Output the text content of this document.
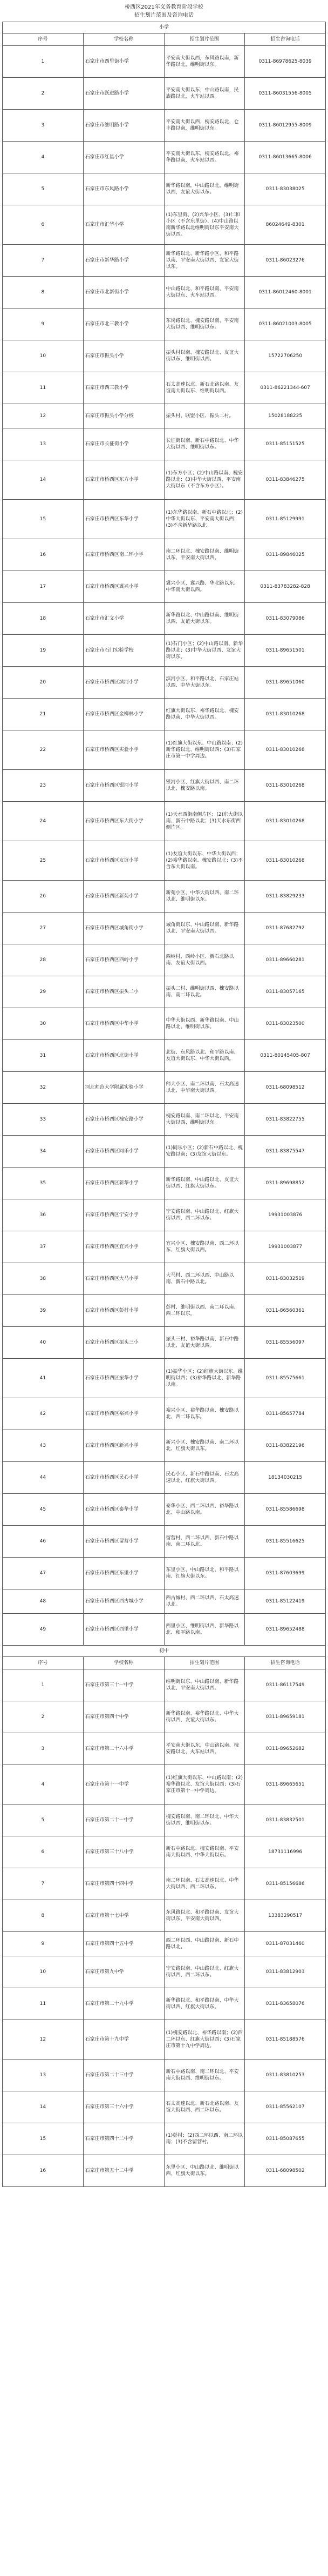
桥西区2021年义务教育阶段学校
招生划片范围及咨询电话
小学			
序号	学校名称	招生划片范围	招生咨询电话
1	石家庄市西里街小学	平安南大街以西，东风路以南，新华路以北，维明街以东。	0311-86978625-8039
2	石家庄市跃进路小学	平安南大街以东，中山路以南，民族路以北，火车站以西。	0311-86031556-8005
3	石家庄市维明路小学	平安南大街以西，槐安路以北，仓丰路以南，维明街以东。	0311-86012955-8009
4	石家庄市红星小学	平安南大街以东，槐安路以北，裕华路以南，火车站以西。	0311-86013665-8006
5	石家庄市东风路小学	新华路以南，中山路以北，维明街以西，友谊大街以东。	0311-83038025
6	石家庄市汇华小学	(1)东里街、(2)兴华小区、(3)仁和小区（不含东里街）、(4)中山路以南新华路以北维明街以东平安南大街以西。	86024649-8301
7	石家庄市新华路小学	新华路以北、新华路小区、和平路以南、平安南大街以西、友谊大街以东。	0311-86023276
8	石家庄市北新街小学	中山路以北、和平路以南、平安南大街以东、火车站以西。	0311-86012460-8001
9	石家庄市北三教小学	东岗路以北、槐安路以南、平安南大街以西、维明街以东。	0311-86021003-8005
10	石家庄市振头小学	振头村以南、槐安路以北、友谊大街以东、维明街以西。	15722706250
11	石家庄市西三教小学	石太高速以北、新石北路以南、友谊南大街以东、维明街以西。	0311-86221344-607
12	石家庄市振头小学分校	振头村、联盟小区、振头二村。	15028188225
13	石家庄市长征街小学	长征街以南、新石中路以北、中华大街以西、维明街以东。	0311-85151525
14	石家庄市桥西区东方小学	(1)东方小区；(2)中山路以南、槐安路以北；(3)中华大街以西、平安南大街以东（不含东方小区）。	0311-83846275
15	石家庄市桥西区东华小学	(1)东华路以南、新石中路以北；(2)中华大街以东、平安南大街以西；(3)不含新华路以北。	0311-85129991
16	石家庄市桥西区南二环小学	南二环以北、槐安路以南、维明街以东、平安南大街以西。	0311-89846025
17	石家庄市桥西区冀兴小学	冀兴小区、冀兴路、华北路以东、中华南大街以西。	0311-83783282-828
18	石家庄市汇文小学	新华路以北、中山路以南、维明街以西、友谊大街以东。	0311-83079086
19	石家庄市石门实验学校	(1)石门小区；(2)中山路以南、新华路以北；(3)中华大街以西、友谊大街以东。	0311-89651501
20	石家庄市桥西区滨河小学	滨河小区、和平路以北、石家庄站以西、中华大街以东。	0311-89651060
21	石家庄市桥西区金柳林小学	红旗大街以东、裕华路以北、槐安路以南、中华大街以西。	0311-83010268
22	石家庄市桥西区实验小学	(1)红旗大街以东、中山路以南；(2)新华路以北、维明街以西；(3)石家庄市第一中学周边。	0311-83010268
23	石家庄市桥西区银河小学	银河小区、红旗大街以西、南二环以北、槐安路以南。	0311-83010268
24	石家庄市桥西区东大街小学	(1)天水西街南侧片区；(2)东大街以南、新石中路以北；(3)天水东街西侧片区。	0311-83010268
25	石家庄市桥西区友谊小学	(1)友谊大街以东、中华大街以西；(2)裕华路以南、槐安路以北；(3)不含东大街以南。	0311-83010268
26	石家庄市桥西区新苑小学	新苑小区、中华大街以西、南二环以北、维明街以东。	0311-83829233
27	石家庄市桥西区城角街小学	城角街以东、中山路以南、新华路以北、平安南大街以西。	0311-87682792
28	石家庄市桥西区西岭小学	西岭村、西岭小区、新石北路以南、友谊大街以西。	0311-89660281
29	石家庄市桥西区振头二小	振头二村、维明街以西、槐安路以南、南二环以北。	0311-83057165
30	石家庄市桥西区中华小学	中华大街以西、新华路以南、中山路以北、维明街以东。	0311-83023500
31	石家庄市桥西区北街小学	北街、东风路以北、和平路以南、友谊大街以东、中华大街以西。	0311-80145405-807
32	河北师范大学附属实验小学	师大小区、南二环以南、石太高速以北、中华南大街以西。	0311-68098512
33	石家庄市桥西区槐安路小学	槐安路以南、南二环以北、平安南大街以西、维明街以东。	0311-83822755
34	石家庄市桥西区同乐小学	(1)同乐小区；(2)新石中路以北、槐安路以南；(3)友谊大街以东。	0311-83875547
35	石家庄市桥西区新华小学	新华路以南、中山路以北、友谊大街以西、红旗大街以东。	0311-89698852
36	石家庄市桥西区宁安小学	宁安路以南、中山路以北、红旗大街以西、西二环以东。	19931003876
37	石家庄市桥西区宜兴小学	宜兴小区、槐安路以南、西二环以东、红旗大街以西。	19931003877
38	石家庄市桥西区大马小学	大马村、西二环以西、中山路以南、新石中路以北。	0311-83032519
39	石家庄市桥西区彭村小学	彭村、维明街以西、南二环以南、西二环以东。	0311-86560361
40	石家庄市桥西区振头三小	振头三村、裕华路以南、新石中路以北、友谊大街以西。	0311-85556097
41	石家庄市桥西区振华小学	(1)振华小区；(2)红旗大街以东、维明街以西；(3)裕华路以北、新华路以南。	0311-85575661
42	石家庄市桥西区裕兴小学	裕兴小区、裕华路以南、槐安路以北、西二环以东。	0311-85657784
43	石家庄市桥西区新兴小学	新兴小区、槐安路以南、南二环以北、红旗大街以东。	0311-83822196
44	石家庄市桥西区民心小学	民心小区、新石中路以南、石太高速以北、红旗大街以西。	18134030215
45	石家庄市桥西区泰华小学	泰华小区、西二环以西、裕华路以北、中山路以南。	0311-85586698
46	石家庄市桥西区留营小学	留营村、西二环以西、新石中路以南、南二环以北。	0311-85516625
47	石家庄市桥西区东里小学	东里小区、中山路以北、和平路以南、红旗大街以东。	0311-87603699
48	石家庄市桥西区西古城小学	西古城村、西二环以西、石太高速以北。	0311-85122419
49	石家庄市桥西区西里小学	西里小区、维明街以西、新华路以北、和平路以南。	0311-89652488
初中			
序号	学校名称	招生划片范围	招生咨询电话
1	石家庄市第三十一中学	维明街以东、中山路以南、新华路以北、平安南大街以西。	0311-86117549
2	石家庄市第四十中学	新华路以南、裕华路以北、中华大街以西、友谊大街以东。	0311-89659181
3	石家庄市第二十六中学	平安南大街以东、中山路以南、槐安路以北、火车站以西。	0311-89652682
4	石家庄市第十一中学	(1)红旗大街以东、中山路以南；(2)裕华路以北、友谊大街以西；(3)石家庄市第十一中学周边。	0311-89665651
5	石家庄市第二十一中学	槐安路以南、南二环以北、中华大街以西、维明街以东。	0311-83832501
6	石家庄市第三十八中学	新石中路以北、槐安路以南、平安南大街以西、中华大街以东。	18731116996
7	石家庄市第四十四中学	南二环以南、石太高速以北、中华大街以西、西二环以东。	0311-85156686
8	石家庄市第十七中学	东风路以北、和平路以南、友谊大街以东、平安南大街以西。	13383290517
9	石家庄市第四十五中学	西二环以西、中山路以南、新石中路以北。	0311-87031460
10	石家庄市第九中学	宁安路以南、中山路以北、红旗大街以西、西二环以东。	0311-83812903
11	石家庄市第二十九中学	新华路以北、和平路以南、中华大街以西、红旗大街以东。	0311-83658076
12	石家庄市第十九中学	(1)槐安路以北、裕华路以南；(2)西二环以东、红旗大街以西；(3)石家庄市第十九中学周边。	0311-85188576
13	石家庄市第二十三中学	新石中路以南、南二环以北、平安南大街以西、维明街以东。	0311-83810253
14	石家庄市第三十六中学	石太高速以北、新石北路以南、友谊大街以西、西二环以东。	0311-85562107
15	石家庄市第四十二中学	(1)彭村；(2)西二环以西、南二环以南；(3)不含留营村。	0311-85087655
16	石家庄市第五十二中学	东里小区、中山路以北、维明街以西、红旗大街以东。	0311-68098502
